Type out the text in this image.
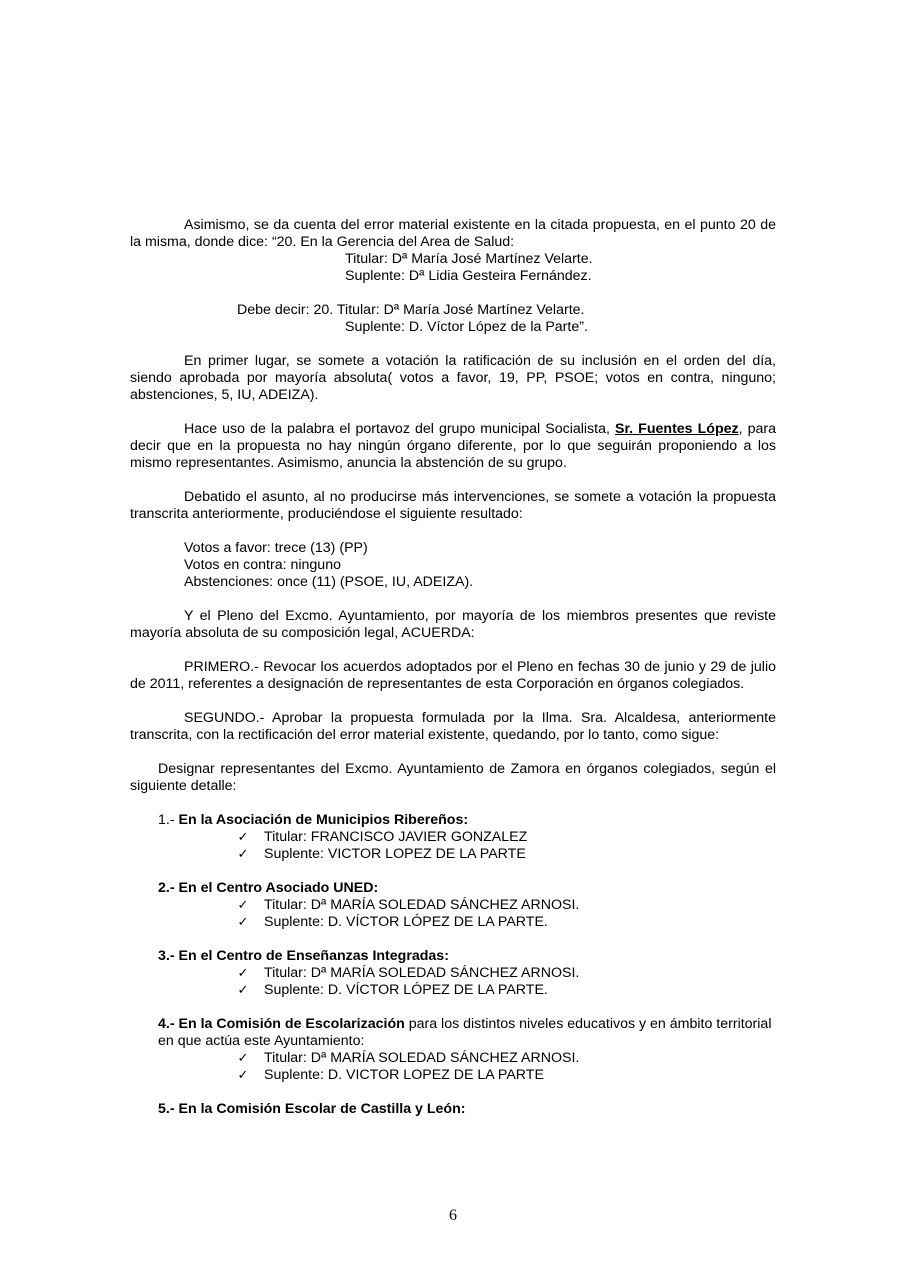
Asimismo, se da cuenta del error material existente en la citada propuesta, en el punto 20 de la misma, donde dice: “20. En la Gerencia del Area de Salud:

Titular: Dª María José Martínez Velarte.

Suplente: Dª Lidia Gesteira Fernández.

Debe decir: 20. Titular: Dª María José Martínez Velarte.

Suplente: D. Víctor López de la Parte”.

En primer lugar, se somete a votación la ratificación de su inclusión en el orden del día, siendo aprobada por mayoría absoluta( votos a favor, 19, PP, PSOE; votos en contra, ninguno; abstenciones, 5, IU, ADEIZA).

Hace uso de la palabra el portavoz del grupo municipal Socialista, Sr. Fuentes López, para decir que en la propuesta no hay ningún órgano diferente, por lo que seguirán proponiendo a los mismo representantes. Asimismo, anuncia la abstención de su grupo.

Debatido el asunto, al no producirse más intervenciones, se somete a votación la propuesta transcrita anteriormente, produciéndose el siguiente resultado:

Votos a favor: trece (13) (PP)

Votos en contra: ninguno

Abstenciones: once (11) (PSOE, IU, ADEIZA).

Y el Pleno del Excmo. Ayuntamiento, por mayoría de los miembros presentes que reviste mayoría absoluta de su composición legal, ACUERDA:

PRIMERO.- Revocar los acuerdos adoptados por el Pleno en fechas 30 de junio y 29 de julio de 2011, referentes a designación de representantes de esta Corporación en órganos colegiados.

SEGUNDO.- Aprobar la propuesta formulada por la Ilma. Sra. Alcaldesa, anteriormente transcrita, con la rectificación del error material existente, quedando, por lo tanto, como sigue:

Designar representantes del Excmo. Ayuntamiento de Zamora en órganos colegiados, según el siguiente detalle:

1.- En la Asociación de Municipios Ribereños:

✓ Titular: FRANCISCO JAVIER GONZALEZ
✓ Suplente: VICTOR LOPEZ DE LA PARTE

2.- En el Centro Asociado UNED:

✓ Titular: Dª MARÍA SOLEDAD SÁNCHEZ ARNOSI.
✓ Suplente: D. VÍCTOR LÓPEZ DE LA PARTE.

3.- En el Centro de Enseñanzas Integradas:

✓ Titular: Dª MARÍA SOLEDAD SÁNCHEZ ARNOSI.
✓ Suplente: D. VÍCTOR LÓPEZ DE LA PARTE.

4.- En la Comisión de Escolarización para los distintos niveles educativos y en ámbito territorial en que actúa este Ayuntamiento:

✓ Titular: Dª MARÍA SOLEDAD SÁNCHEZ ARNOSI.
✓ Suplente: D. VICTOR LOPEZ DE LA PARTE

5.- En la Comisión Escolar de Castilla y León:

6
